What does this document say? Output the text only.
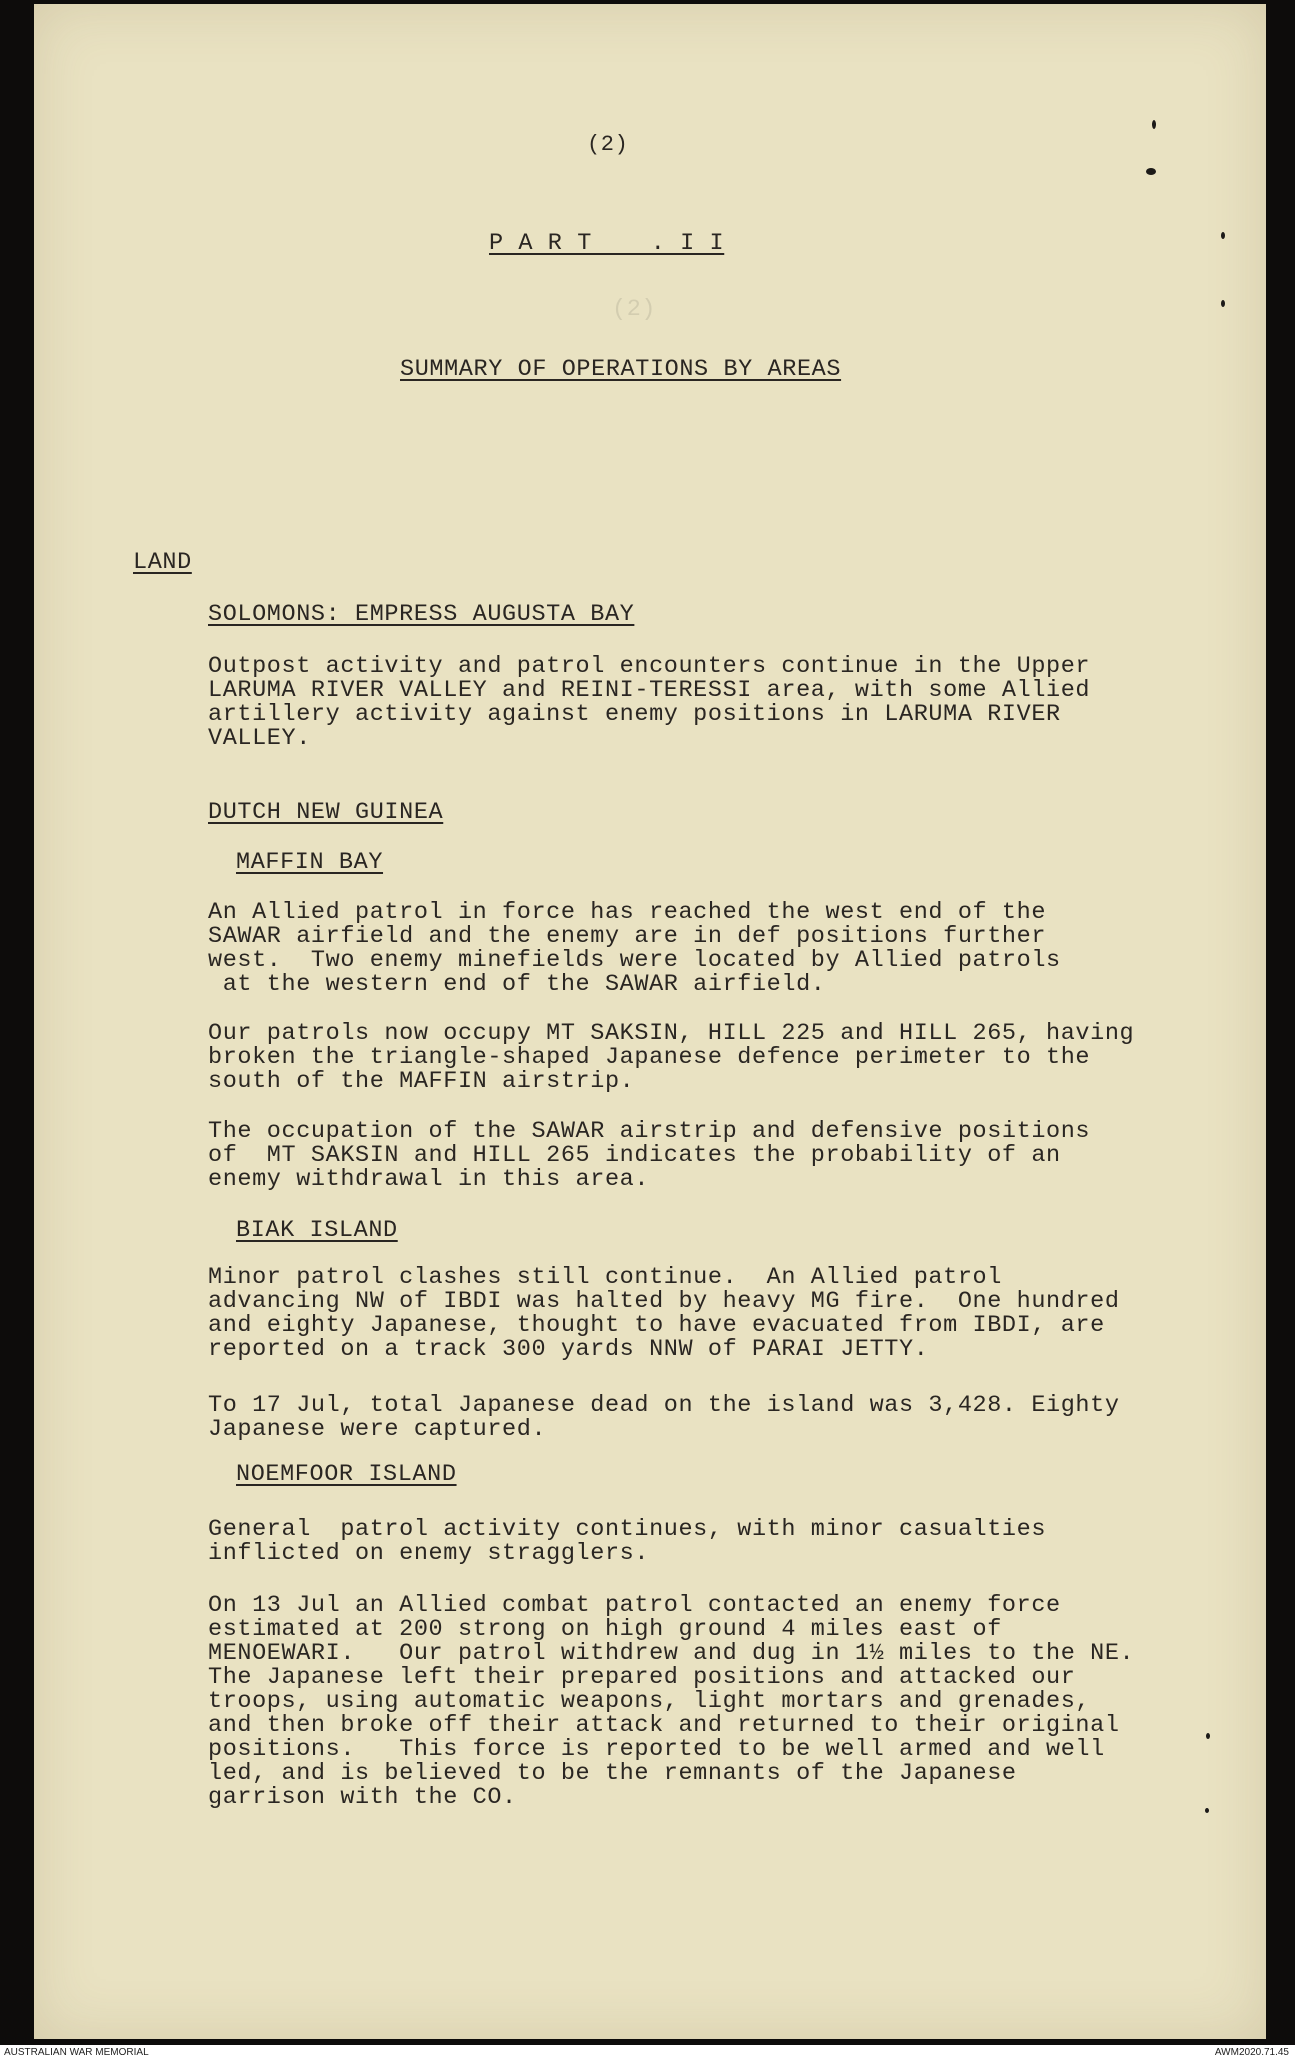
(2)
P A R T    . I I
(2)
SUMMARY OF OPERATIONS BY AREAS
LAND
SOLOMONS: EMPRESS AUGUSTA BAY
Outpost activity and patrol encounters continue in the Upper
LARUMA RIVER VALLEY and REINI-TERESSI area, with some Allied
artillery activity against enemy positions in LARUMA RIVER
VALLEY.
DUTCH NEW GUINEA
MAFFIN BAY
An Allied patrol in force has reached the west end of the
SAWAR airfield and the enemy are in def positions further
west.  Two enemy minefields were located by Allied patrols
at the western end of the SAWAR airfield.
Our patrols now occupy MT SAKSIN, HILL 225 and HILL 265, having
broken the triangle-shaped Japanese defence perimeter to the
south of the MAFFIN airstrip.
The occupation of the SAWAR airstrip and defensive positions
of  MT SAKSIN and HILL 265 indicates the probability of an
enemy withdrawal in this area.
BIAK ISLAND
Minor patrol clashes still continue.  An Allied patrol
advancing NW of IBDI was halted by heavy MG fire.  One hundred
and eighty Japanese, thought to have evacuated from IBDI, are
reported on a track 300 yards NNW of PARAI JETTY.
To 17 Jul, total Japanese dead on the island was 3,428. Eighty
Japanese were captured.
NOEMFOOR ISLAND
General  patrol activity continues, with minor casualties
inflicted on enemy stragglers.
On 13 Jul an Allied combat patrol contacted an enemy force
estimated at 200 strong on high ground 4 miles east of
MENOEWARI.   Our patrol withdrew and dug in 1½ miles to the NE.
The Japanese left their prepared positions and attacked our
troops, using automatic weapons, light mortars and grenades,
and then broke off their attack and returned to their original
positions.   This force is reported to be well armed and well
led, and is believed to be the remnants of the Japanese
garrison with the CO.
AUSTRALIAN WAR MEMORIAL	AWM2020.71.45
